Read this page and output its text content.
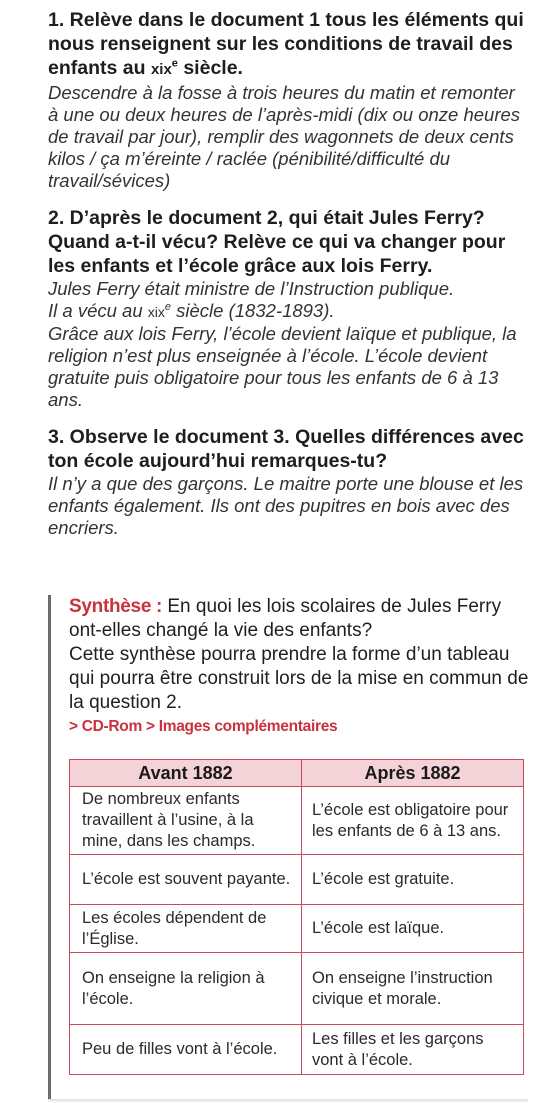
1. Relève dans le document 1 tous les éléments qui nous renseignent sur les conditions de travail des enfants au xix$^e$ siècle.

Descendre à la fosse à trois heures du matin et remonter à une ou deux heures de l’après-midi (dix ou onze heures de travail par jour), remplir des wagonnets de deux cents kilos / ça m’éreinte / raclée (pénibilité/difficulté du travail/sévices)

2. D’après le document 2, qui était Jules Ferry? Quand a-t-il vécu? Relève ce qui va changer pour les enfants et l’école grâce aux lois Ferry.

Jules Ferry était ministre de l’Instruction publique.

Il a vécu au xix$^e$ siècle (1832-1893).

Grâce aux lois Ferry, l’école devient laïque et publique, la religion n’est plus enseignée à l’école. L’école devient gratuite puis obligatoire pour tous les enfants de 6 à 13 ans.

3. Observe le document 3. Quelles différences avec ton école aujourd’hui remarques-tu?

Il n’y a que des garçons. Le maitre porte une blouse et les enfants également. Ils ont des pupitres en bois avec des encriers.

Synthèse : En quoi les lois scolaires de Jules Ferry ont-elles changé la vie des enfants?

Cette synthèse pourra prendre la forme d’un tableau qui pourra être construit lors de la mise en commun de la question 2.

> CD-Rom > Images complémentaires

Avant 1882	Après 1882
De nombreux enfants travaillent à l’usine, à la mine, dans les champs.	L’école est obligatoire pour les enfants de 6 à 13 ans.
L’école est souvent payante.	L’école est gratuite.
Les écoles dépendent de l’Église.	L’école est laïque.
On enseigne la religion à l’école.	On enseigne l’instruction civique et morale.
Peu de filles vont à l’école.	Les filles et les garçons vont à l’école.
